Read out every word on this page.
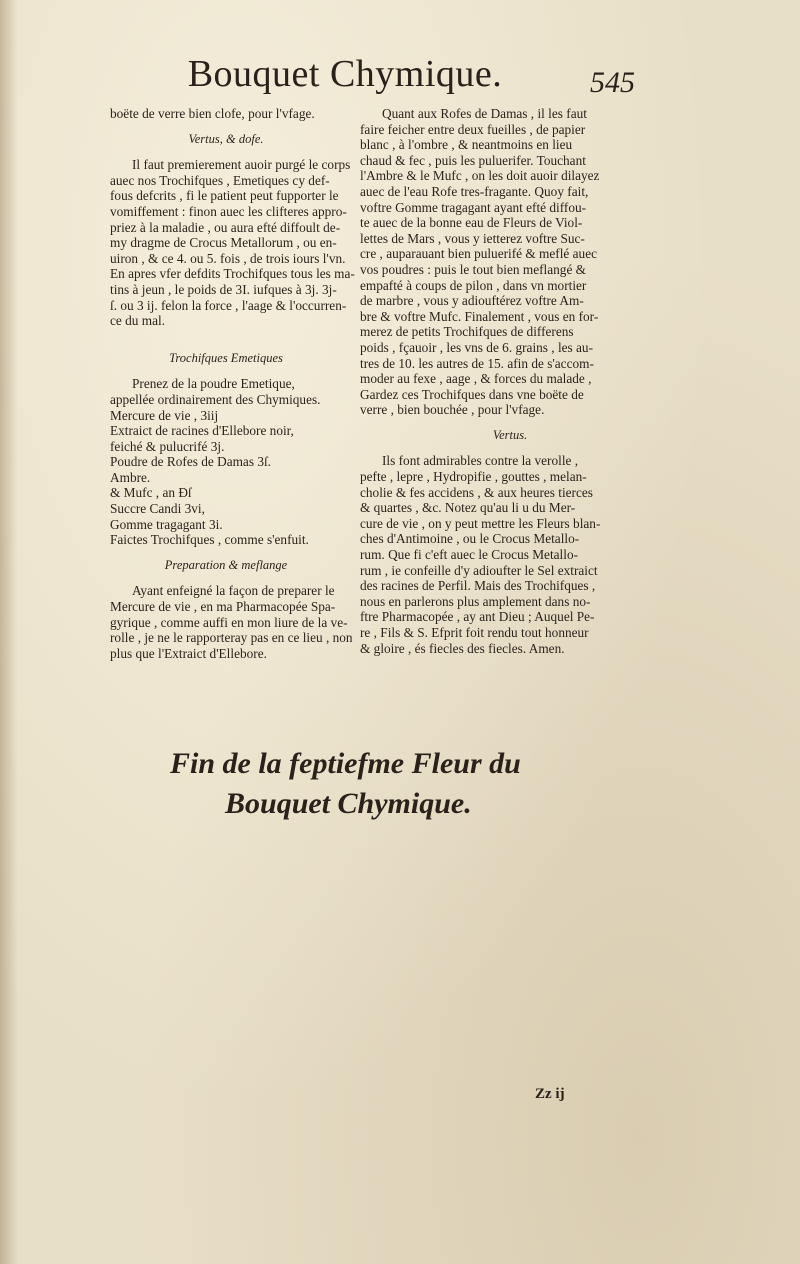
Bouquet Chymique.	545
boëte de verre bien clofe, pour l'vfage.
Vertus, & dofe.
Il faut premierement auoir purgé le corps
auec nos Trochifques , Emetiques cy def-
fous defcrits , fi le patient peut fupporter le
vomiffement : finon auec les cliftеres appro-
priez à la maladie , ou aura efté diffoult de-
my dragme de Crocus Metallorum , ou en-
uiron , & ce 4. ou 5. fois , de trois iours l'vn.
En apres vfer defdits Trochifques tous les ma-
tins à jeun , le poids de 3I. iufques à 3j. 3j-
ſ. ou 3 ij. felon la force , l'aage & l'occurren-
ce du mal.
Trochifques Emetiques
Prenez de la poudre Emetique,
appellée ordinairement des Chymiques.
Mercure de vie , 3iij
Extraict de racines d'Ellebore noir,
feiché & pulucrifé 3j.
Poudre de Rofes de Damas 3ſ.
Ambre.
& Mufc , an Đſ
Succre Candi 3vi,
Gomme tragagant 3i.
Faictes Trochifques , comme s'enfuit.
Preparation & meflange
Ayant enfeigné la façon de preparer le
Mercure de vie , en ma Pharmacopée Spa-
gyrique , comme auffi en mon liure de la ve-
rolle , je ne le rapporteray pas en ce lieu , non
plus que l'Extraict d'Ellebore.
Quant aux Rofes de Damas , il les faut
faire feicher entre deux fueilles , de papier
blanc , à l'ombre , & neantmoins en lieu
chaud & fec , puis les puluerifer. Touchant
l'Ambre & le Mufc , on les doit auoir dilayez
auec de l'eau Rofe tres-fragante. Quoy fait,
voftre Gomme tragagant ayant efté diffou-
te auec de la bonne eau de Fleurs de Viol-
lettes de Mars , vous y ietterez voftre Suc-
cre , auparauant bien puluerifé & meflé auec
vos poudres : puis le tout bien meflangé &
empafté à coups de pilon , dans vn mortier
de marbre , vous y adiouftérez voftre Am-
bre & voftre Mufc. Finalement , vous en for-
merez de petits Trochifques de differens
poids , fçauoir , les vns de 6. grains , les au-
tres de 10. les autres de 15. afin de s'accom-
moder au fexe , aage , & forces du malade ,
Gardez ces Trochifques dans vne boëte de
verre , bien bouchée , pour l'vfage.
Vertus.
Ils font admirables contre la verolle ,
pefte , lepre , Hydropifie , gouttes , melan-
cholie & fes accidens , & aux heures tierces
& quartes , &c. Notez qu'au li u du Mer-
cure de vie , on y peut mettre les Fleurs blan-
ches d'Antimoine , ou le Crocus Metallo-
rum. Que fi c'eft auec le Crocus Metallo-
rum , ie confeille d'y adioufter le Sel extraict
des racines de Perfil. Mais des Trochifques ,
nous en parlerons plus amplement dans no-
ftre Pharmacopée , ay ant Dieu ; Auquel Pe-
re , Fils & S. Efprit foit rendu tout honneur
& gloire , és fiecles des fiecles. Amen.
Fin de la feptiefme Fleur du
Bouquet Chymique.
Zz ij
